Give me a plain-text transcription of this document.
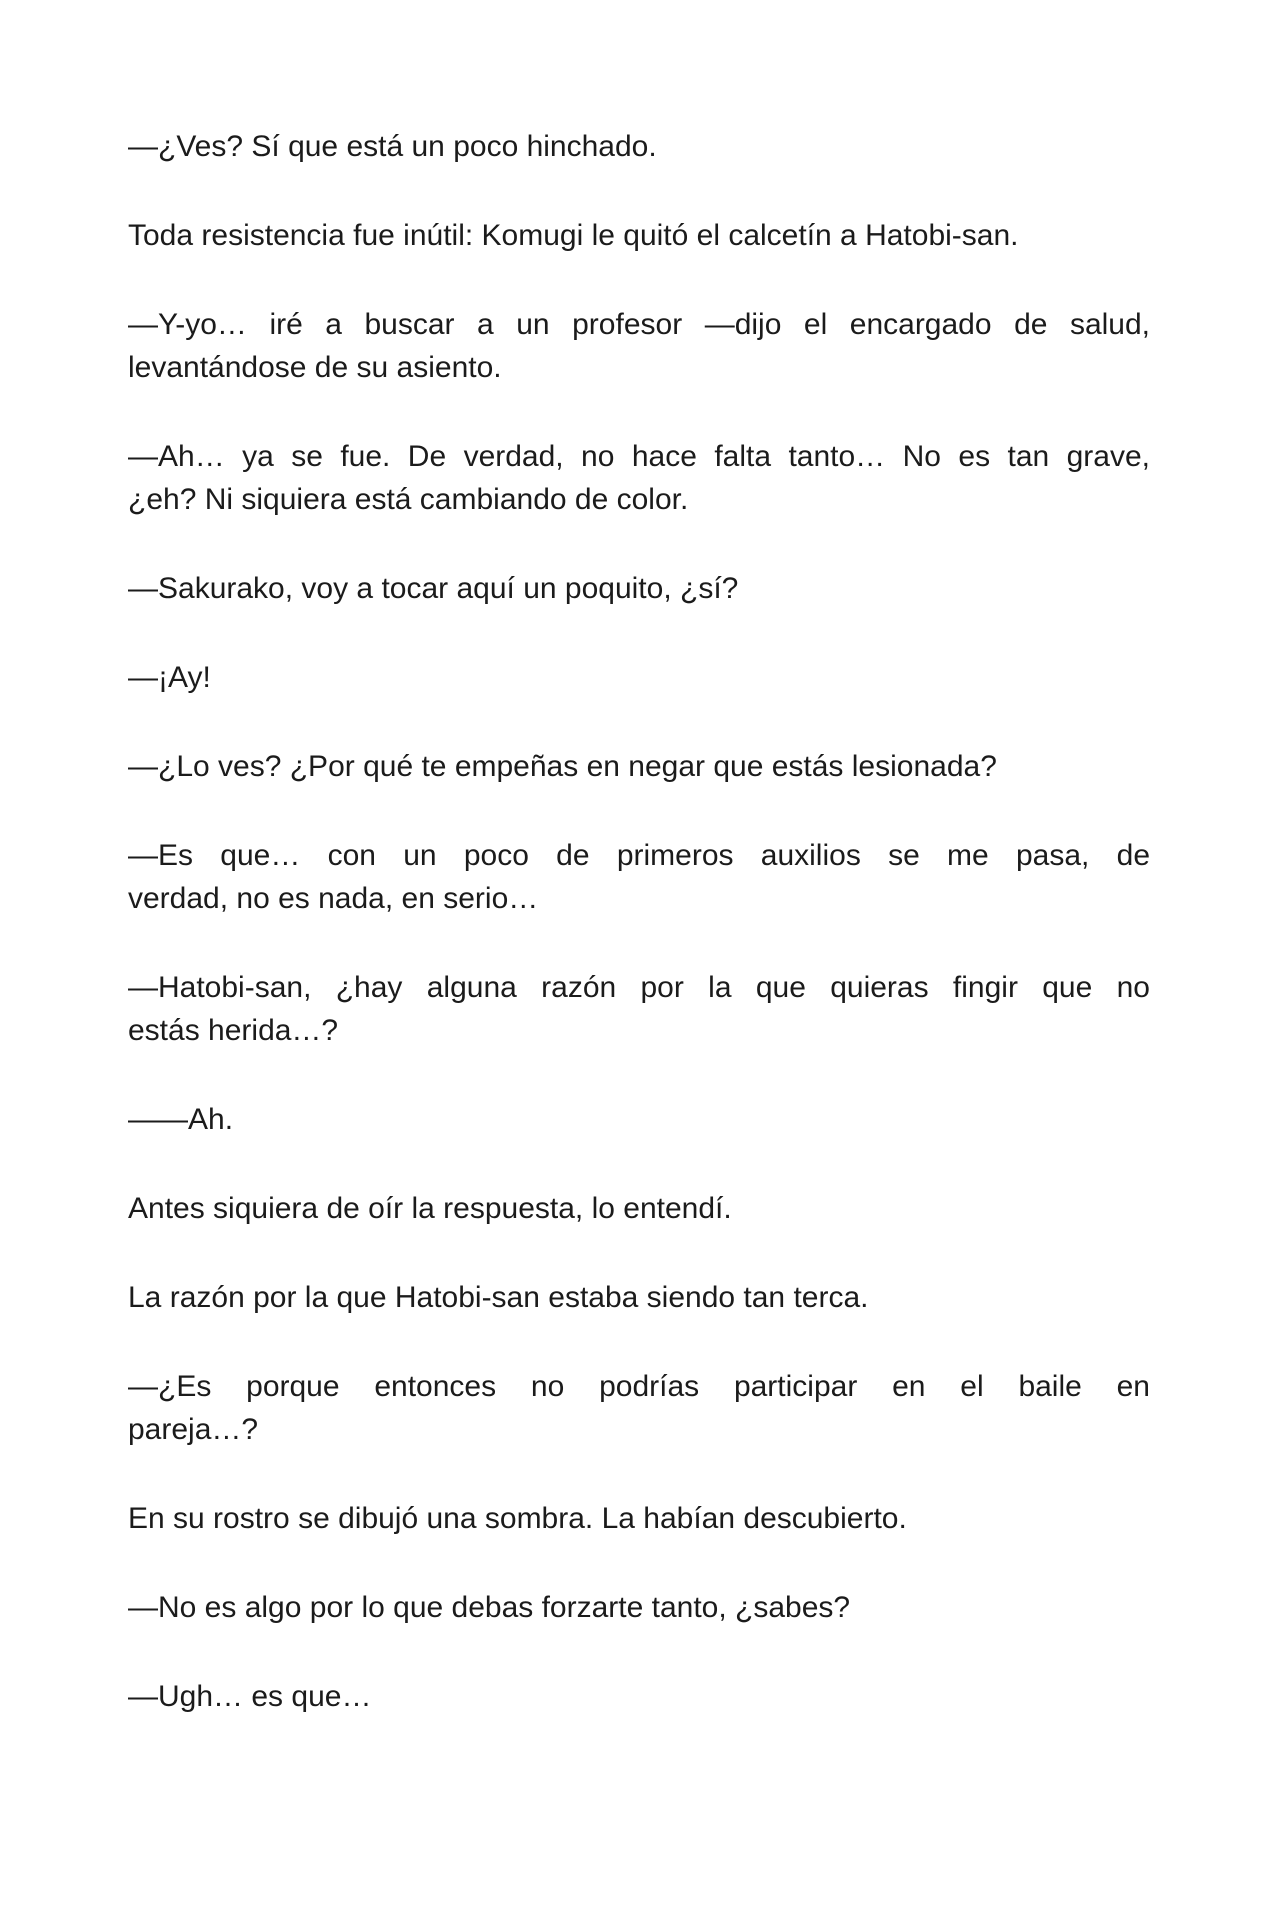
—¿Ves? Sí que está un poco hinchado.

Toda resistencia fue inútil: Komugi le quitó el calcetín a Hatobi-san.

—Y-yo… iré a buscar a un profesor —dijo el encargado de salud,
levantándose de su asiento.

—Ah… ya se fue. De verdad, no hace falta tanto… No es tan grave,
¿eh? Ni siquiera está cambiando de color.

—Sakurako, voy a tocar aquí un poquito, ¿sí?

—¡Ay!

—¿Lo ves? ¿Por qué te empeñas en negar que estás lesionada?

—Es que… con un poco de primeros auxilios se me pasa, de
verdad, no es nada, en serio…

—Hatobi-san, ¿hay alguna razón por la que quieras fingir que no
estás herida…?

——Ah.

Antes siquiera de oír la respuesta, lo entendí.

La razón por la que Hatobi-san estaba siendo tan terca.

—¿Es porque entonces no podrías participar en el baile en
pareja…?

En su rostro se dibujó una sombra. La habían descubierto.

—No es algo por lo que debas forzarte tanto, ¿sabes?

—Ugh… es que…
